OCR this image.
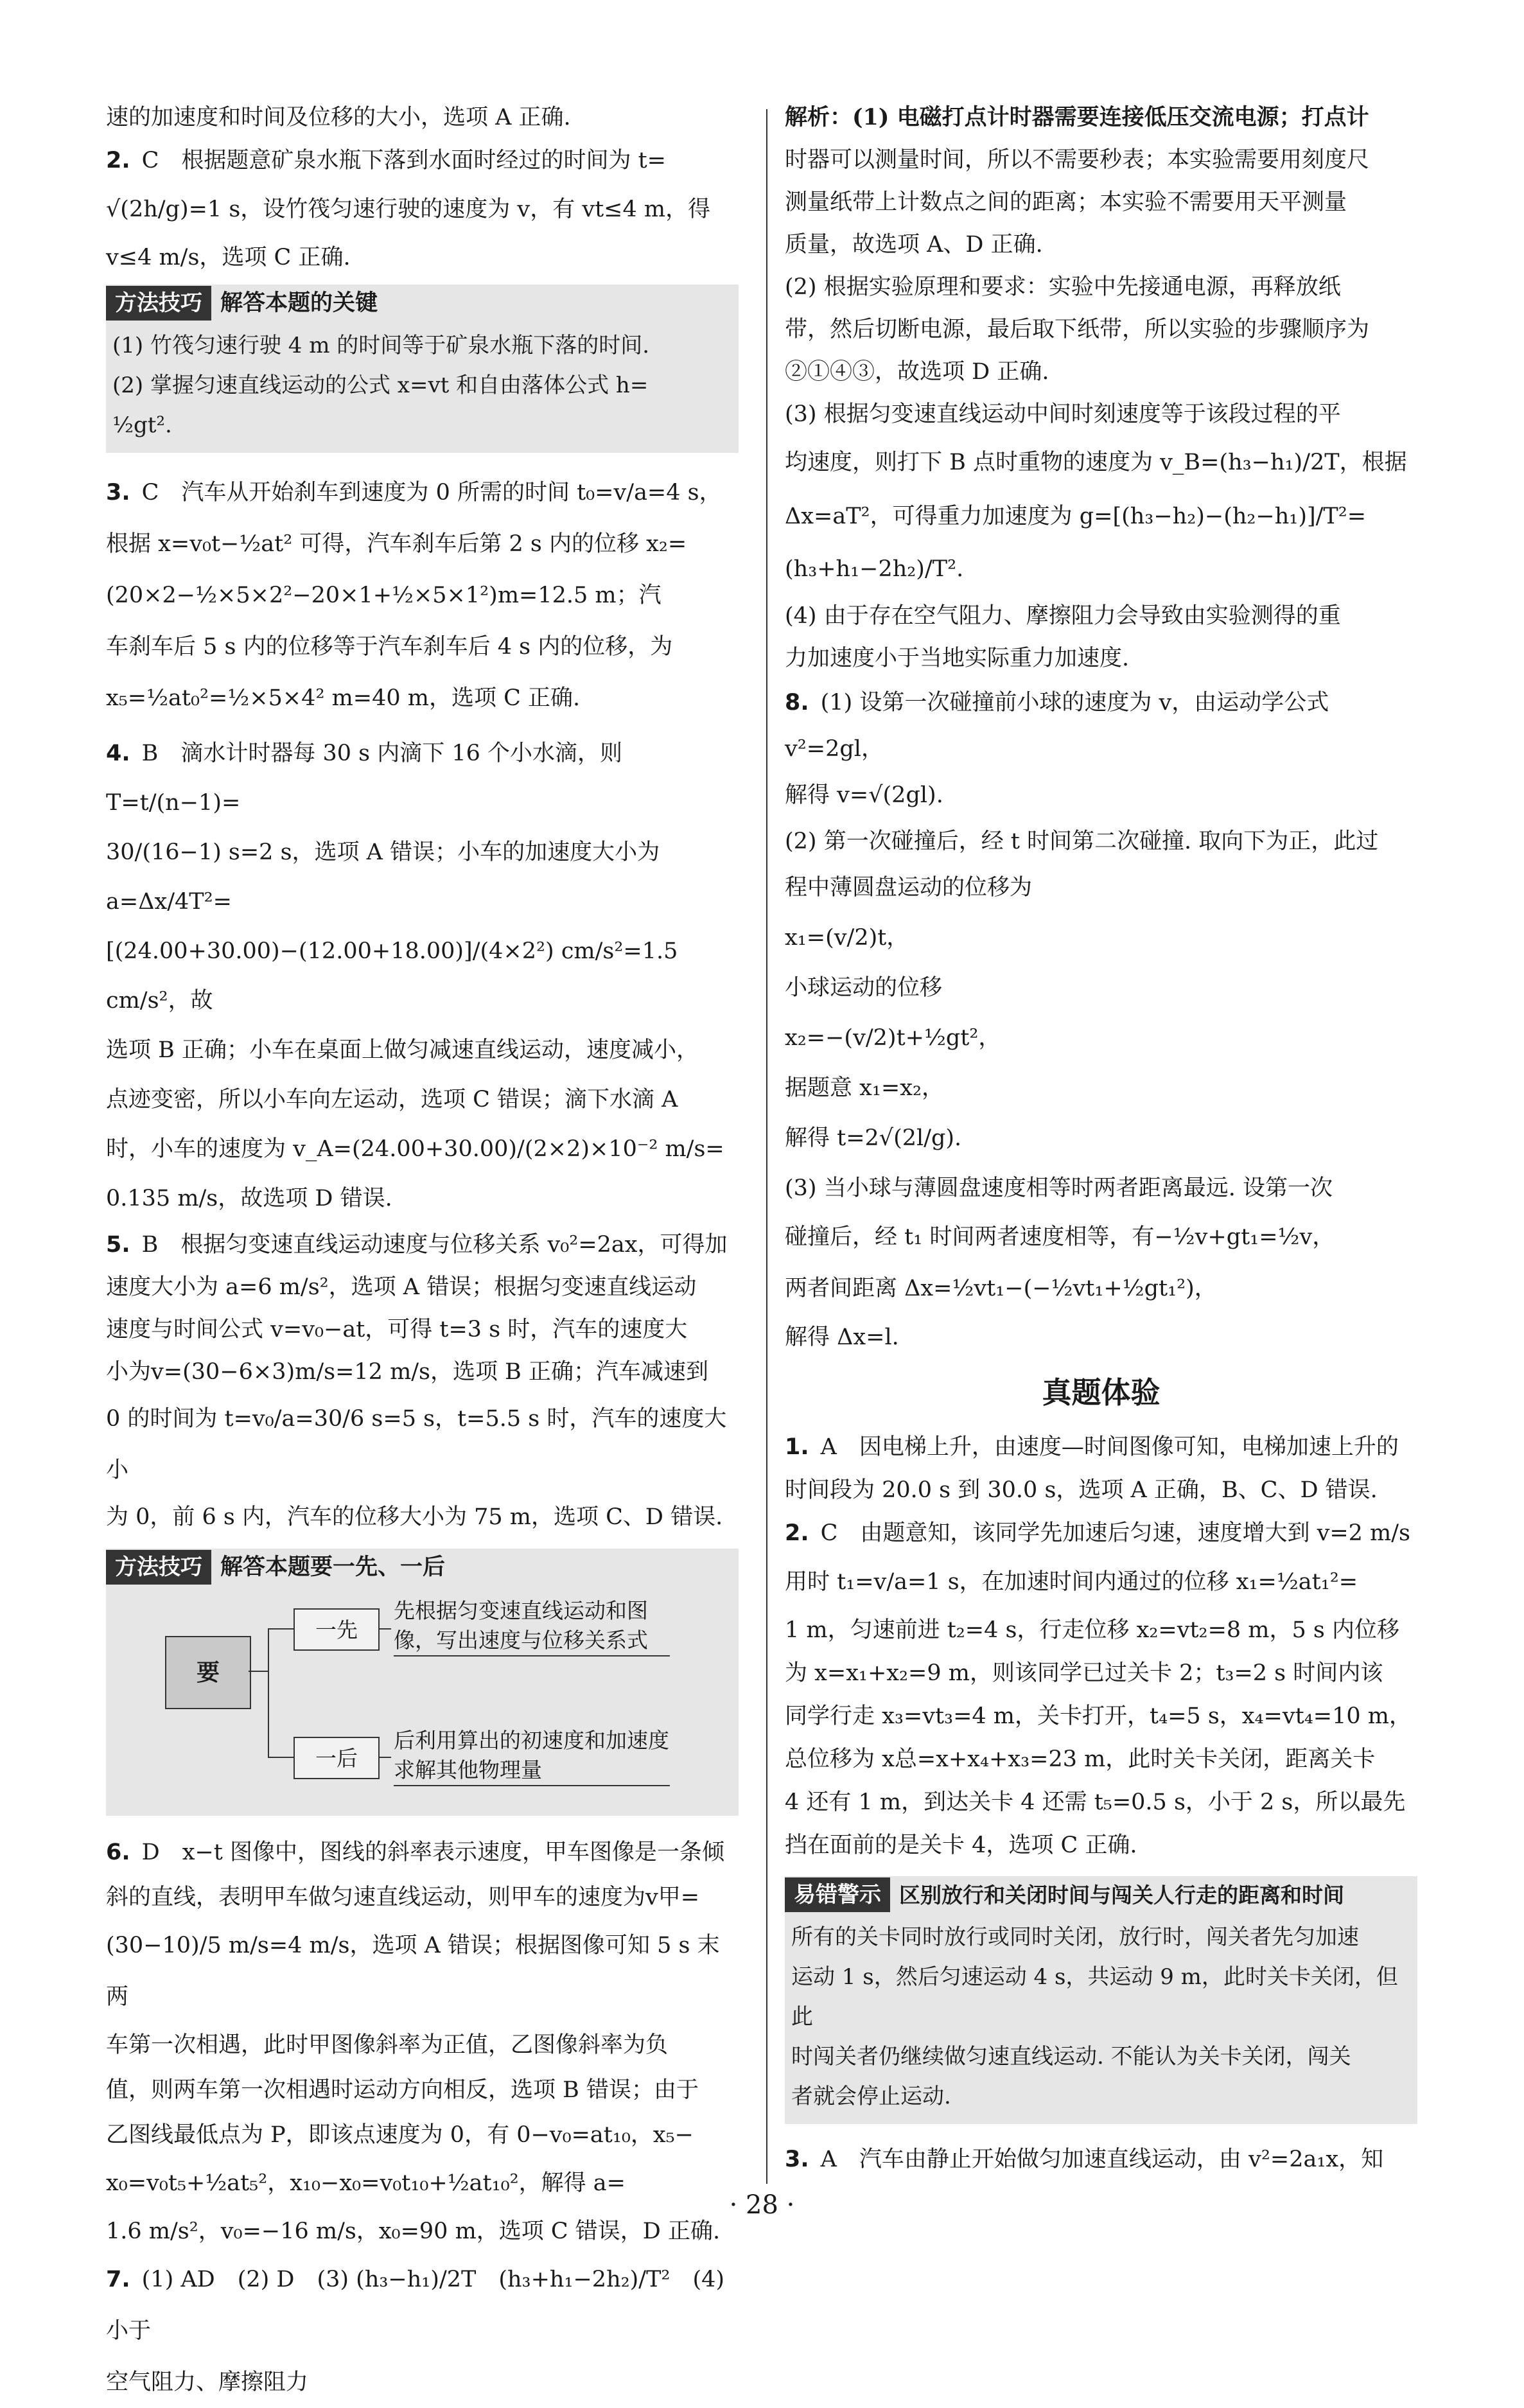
速的加速度和时间及位移的大小，选项 A 正确.

2. C　根据题意矿泉水瓶下落到水面时经过的时间为 t=

√(2h/g)=1 s，设竹筏匀速行驶的速度为 v，有 vt≤4 m，得

v≤4 m/s，选项 C 正确.

方法技巧 解答本题的关键

(1) 竹筏匀速行驶 4 m 的时间等于矿泉水瓶下落的时间.

(2) 掌握匀速直线运动的公式 x=vt 和自由落体公式 h=

½gt².

3. C　汽车从开始刹车到速度为 0 所需的时间 t₀=v/a=4 s，

根据 x=v₀t−½at² 可得，汽车刹车后第 2 s 内的位移 x₂=

(20×2−½×5×2²−20×1+½×5×1²)m=12.5 m；汽

车刹车后 5 s 内的位移等于汽车刹车后 4 s 内的位移，为

x₅=½at₀²=½×5×4² m=40 m，选项 C 正确.

4. B　滴水计时器每 30 s 内滴下 16 个小水滴，则 T=t/(n−1)=

30/(16−1) s=2 s，选项 A 错误；小车的加速度大小为 a=Δx/4T²=

[(24.00+30.00)−(12.00+18.00)]/(4×2²) cm/s²=1.5 cm/s²，故

选项 B 正确；小车在桌面上做匀减速直线运动，速度减小，

点迹变密，所以小车向左运动，选项 C 错误；滴下水滴 A

时，小车的速度为 v_A=(24.00+30.00)/(2×2)×10⁻² m/s=

0.135 m/s，故选项 D 错误.

5. B　根据匀变速直线运动速度与位移关系 v₀²=2ax，可得加

速度大小为 a=6 m/s²，选项 A 错误；根据匀变速直线运动

速度与时间公式 v=v₀−at，可得 t=3 s 时，汽车的速度大

小为v=(30−6×3)m/s=12 m/s，选项 B 正确；汽车减速到

0 的时间为 t=v₀/a=30/6 s=5 s，t=5.5 s 时，汽车的速度大小

为 0，前 6 s 内，汽车的位移大小为 75 m，选项 C、D 错误.

方法技巧 解答本题要一先、一后
要
一先
一后
先根据匀变速直线运动和图像，写出速度与位移关系式
后利用算出的初速度和加速度求解其他物理量

6. D　x−t 图像中，图线的斜率表示速度，甲车图像是一条倾

斜的直线，表明甲车做匀速直线运动，则甲车的速度为v甲=

(30−10)/5 m/s=4 m/s，选项 A 错误；根据图像可知 5 s 末两

车第一次相遇，此时甲图像斜率为正值，乙图像斜率为负

值，则两车第一次相遇时运动方向相反，选项 B 错误；由于

乙图线最低点为 P，即该点速度为 0，有 0−v₀=at₁₀，x₅−

x₀=v₀t₅+½at₅²，x₁₀−x₀=v₀t₁₀+½at₁₀²，解得 a=

1.6 m/s²，v₀=−16 m/s，x₀=90 m，选项 C 错误，D 正确.

7. (1) AD　(2) D　(3) (h₃−h₁)/2T　(h₃+h₁−2h₂)/T²　(4) 小于

空气阻力、摩擦阻力

解析：(1) 电磁打点计时器需要连接低压交流电源；打点计

时器可以测量时间，所以不需要秒表；本实验需要用刻度尺

测量纸带上计数点之间的距离；本实验不需要用天平测量

质量，故选项 A、D 正确.

(2) 根据实验原理和要求：实验中先接通电源，再释放纸

带，然后切断电源，最后取下纸带，所以实验的步骤顺序为

②①④③，故选项 D 正确.

(3) 根据匀变速直线运动中间时刻速度等于该段过程的平

均速度，则打下 B 点时重物的速度为 v_B=(h₃−h₁)/2T，根据

Δx=aT²，可得重力加速度为 g=[(h₃−h₂)−(h₂−h₁)]/T²=

(h₃+h₁−2h₂)/T².

(4) 由于存在空气阻力、摩擦阻力会导致由实验测得的重

力加速度小于当地实际重力加速度.

8. (1) 设第一次碰撞前小球的速度为 v，由运动学公式

v²=2gl，

解得 v=√(2gl).

(2) 第一次碰撞后，经 t 时间第二次碰撞. 取向下为正，此过

程中薄圆盘运动的位移为

x₁=(v/2)t，

小球运动的位移

x₂=−(v/2)t+½gt²，

据题意 x₁=x₂，

解得 t=2√(2l/g).

(3) 当小球与薄圆盘速度相等时两者距离最远. 设第一次

碰撞后，经 t₁ 时间两者速度相等，有−½v+gt₁=½v，

两者间距离 Δx=½vt₁−(−½vt₁+½gt₁²)，

解得 Δx=l.

真题体验

1. A　因电梯上升，由速度—时间图像可知，电梯加速上升的

时间段为 20.0 s 到 30.0 s，选项 A 正确，B、C、D 错误.

2. C　由题意知，该同学先加速后匀速，速度增大到 v=2 m/s

用时 t₁=v/a=1 s，在加速时间内通过的位移 x₁=½at₁²=

1 m，匀速前进 t₂=4 s，行走位移 x₂=vt₂=8 m，5 s 内位移

为 x=x₁+x₂=9 m，则该同学已过关卡 2；t₃=2 s 时间内该

同学行走 x₃=vt₃=4 m，关卡打开，t₄=5 s，x₄=vt₄=10 m，

总位移为 x总=x+x₄+x₃=23 m，此时关卡关闭，距离关卡

4 还有 1 m，到达关卡 4 还需 t₅=0.5 s，小于 2 s，所以最先

挡在面前的是关卡 4，选项 C 正确.

易错警示 区别放行和关闭时间与闯关人行走的距离和时间

所有的关卡同时放行或同时关闭，放行时，闯关者先匀加速

运动 1 s，然后匀速运动 4 s，共运动 9 m，此时关卡关闭，但此

时闯关者仍继续做匀速直线运动. 不能认为关卡关闭，闯关

者就会停止运动.

3. A　汽车由静止开始做匀加速直线运动，由 v²=2a₁x，知

· 28 ·
